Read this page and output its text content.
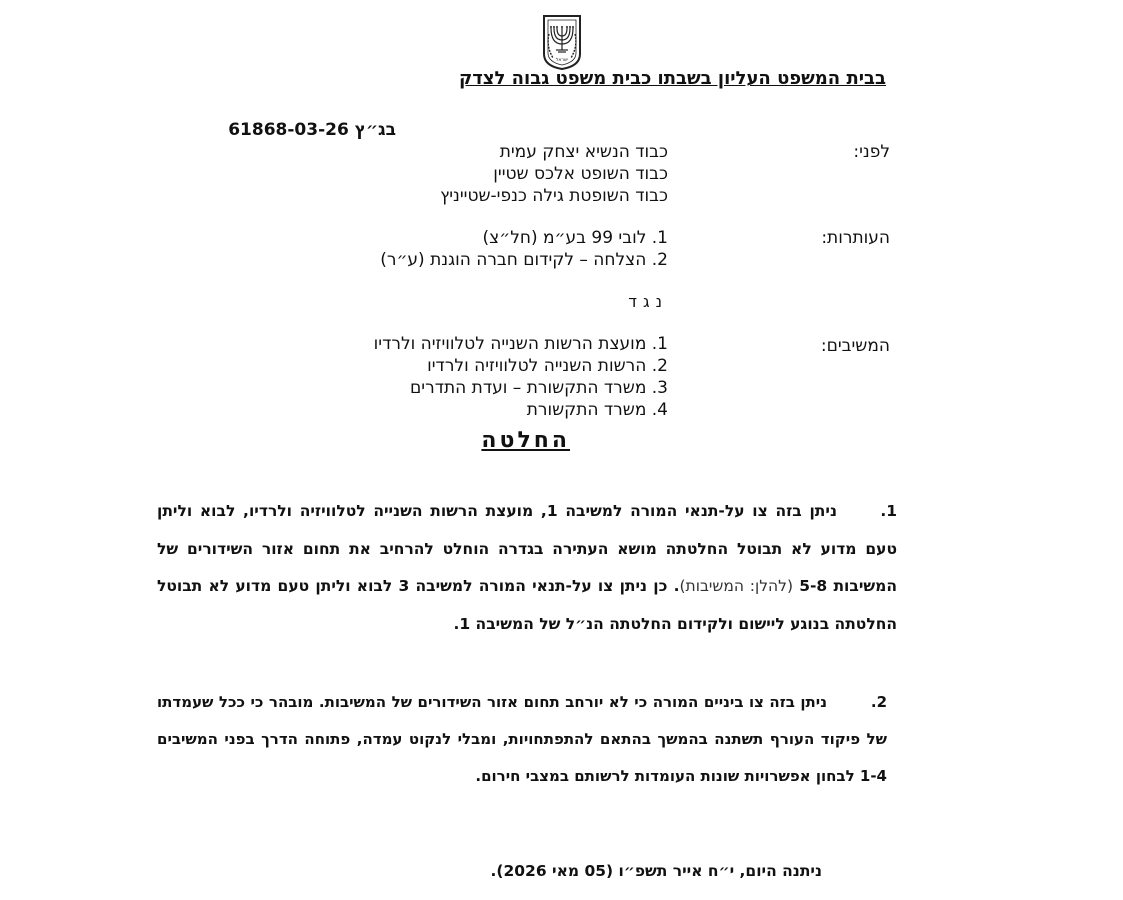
ישראל
בבית המשפט העליון בשבתו כבית משפט גבוה לצדק
בג״ץ 61868-03-26
לפני:
כבוד הנשיא יצחק עמית
כבוד השופט אלכס שטיין
כבוד השופטת גילה כנפי-שטייניץ
העותרות:
1. לובי 99 בע״מ (חל״צ)
2. הצלחה – לקידום חברה הוגנת (ע״ר)
נגד
המשיבים:
1. מועצת הרשות השנייה לטלוויזיה ולרדיו
2. הרשות השנייה לטלוויזיה ולרדיו
3. משרד התקשורת – ועדת התדרים
4. משרד התקשורת
החלטה
1.ניתן בזה צו על-תנאי המורה למשיבה 1, מועצת הרשות השנייה לטלוויזיה ולרדיו, לבוא וליתן טעם מדוע לא תבוטל החלטתה מושא העתירה בגדרה הוחלט להרחיב את תחום אזור השידורים של המשיבות 5-8 (להלן: המשיבות). כן ניתן צו על-תנאי המורה למשיבה 3 לבוא וליתן טעם מדוע לא תבוטל החלטתה בנוגע ליישום ולקידום החלטתה הנ״ל של המשיבה 1.
2.ניתן בזה צו ביניים המורה כי לא יורחב תחום אזור השידורים של המשיבות. מובהר כי ככל שעמדתו של פיקוד העורף תשתנה בהמשך בהתאם להתפתחויות, ומבלי לנקוט עמדה, פתוחה הדרך בפני המשיבים 1-4 לבחון אפשרויות שונות העומדות לרשותם במצבי חירום.
ניתנה היום, י״ח אייר תשפ״ו (05 מאי 2026).
